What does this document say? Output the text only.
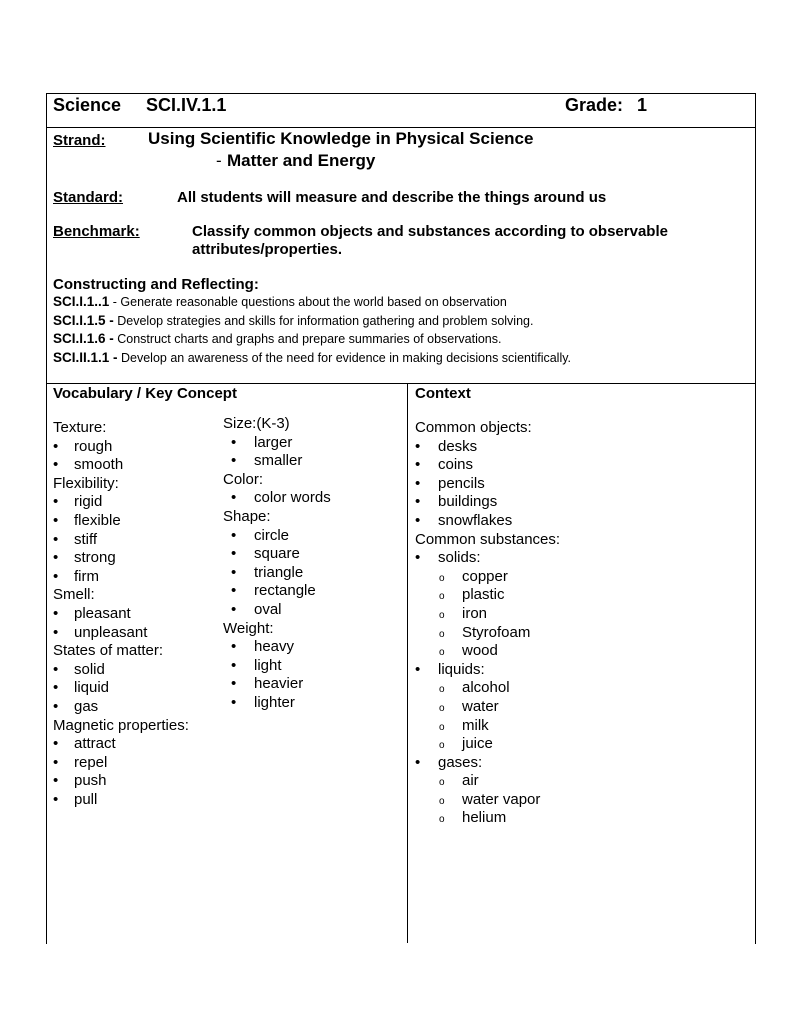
Science SCI.IV.1.1	Grade: 1
Strand:	Using Scientific Knowledge in Physical Science
- Matter and Energy
Standard:	All students will measure and describe the things around us
Benchmark:	Classify common objects and substances according to observable
attributes/properties.
Constructing and Reflecting:
SCI.I.1..1 - Generate reasonable questions about the world based on observation
SCI.I.1.5 - Develop strategies and skills for information gathering and problem solving.
SCI.I.1.6 - Construct charts and graphs and prepare summaries of observations.
SCI.II.1.1 - Develop an awareness of the need for evidence in making decisions scientifically.
Vocabulary / Key Concept	Context
Texture:
• rough
• smooth
Flexibility:
• rigid
• flexible
• stiff
• strong
• firm
Smell:
• pleasant
• unpleasant
States of matter:
• solid
• liquid
• gas
Magnetic properties:
• attract
• repel
• push
• pull
Size:(K-3)
• larger
• smaller
Color:
• color words
Shape:
• circle
• square
• triangle
• rectangle
• oval
Weight:
• heavy
• light
• heavier
• lighter
Common objects:
• desks
• coins
• pencils
• buildings
• snowflakes
Common substances:
• solids:
o copper
o plastic
o iron
o Styrofoam
o wood
• liquids:
o alcohol
o water
o milk
o juice
• gases:
o air
o water vapor
o helium
